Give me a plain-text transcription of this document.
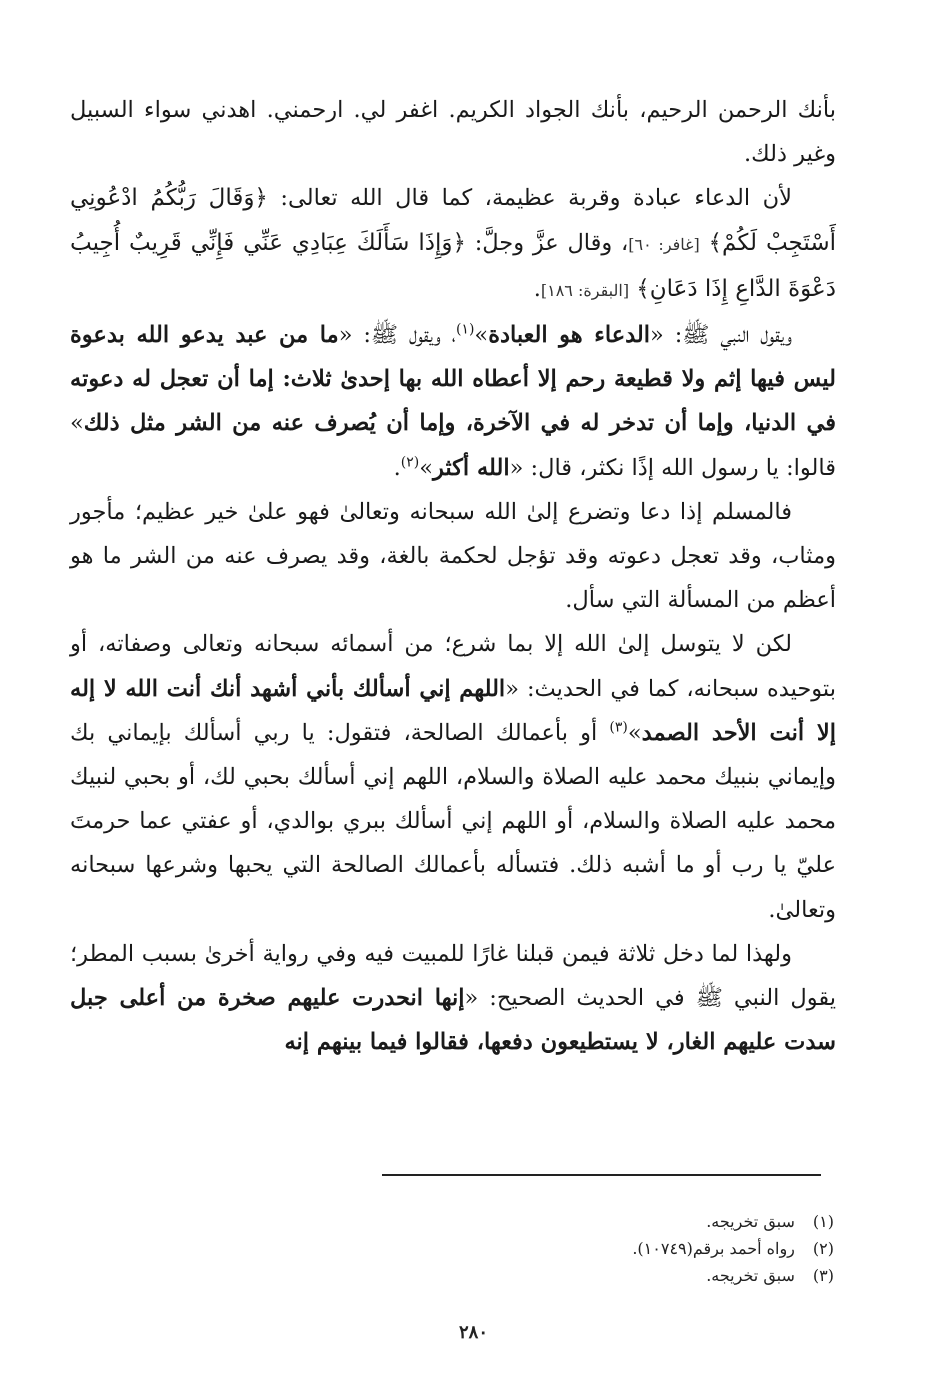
بأنك الرحمن الرحيم، بأنك الجواد الكريم. اغفر لي. ارحمني. اهدني سواء السبيل وغير ذلك.

لأن الدعاء عبادة وقربة عظيمة، كما قال الله تعالى: ﴿وَقَالَ رَبُّكُمُ ادْعُونِي أَسْتَجِبْ لَكُمْ﴾ [غافر: ٦٠]، وقال عزَّ وجلَّ: ﴿وَإِذَا سَأَلَكَ عِبَادِي عَنِّي فَإِنِّي قَرِيبٌ أُجِيبُ دَعْوَةَ الدَّاعِ إِذَا دَعَانِ﴾ [البقرة: ١٨٦].

ويقول النبي ﷺ: «الدعاء هو العبادة»$^{(١)}$، ويقول ﷺ: «ما من عبد يدعو الله بدعوة ليس فيها إثم ولا قطيعة رحم إلا أعطاه الله بها إحدىٰ ثلاث: إما أن تعجل له دعوته في الدنيا، وإما أن تدخر له في الآخرة، وإما أن يُصرف عنه من الشر مثل ذلك» قالوا: يا رسول الله إذًا نكثر، قال: «الله أكثر»$^{(٢)}$.

فالمسلم إذا دعا وتضرع إلىٰ الله سبحانه وتعالىٰ فهو علىٰ خير عظيم؛ مأجور ومثاب، وقد تعجل دعوته وقد تؤجل لحكمة بالغة، وقد يصرف عنه من الشر ما هو أعظم من المسألة التي سأل.

لكن لا يتوسل إلىٰ الله إلا بما شرع؛ من أسمائه سبحانه وتعالى وصفاته، أو بتوحيده سبحانه، كما في الحديث: «اللهم إني أسألك بأني أشهد أنك أنت الله لا إله إلا أنت الأحد الصمد»$^{(٣)}$ أو بأعمالك الصالحة، فتقول: يا ربي أسألك بإيماني بك وإيماني بنبيك محمد عليه الصلاة والسلام، اللهم إني أسألك بحبي لك، أو بحبي لنبيك محمد عليه الصلاة والسلام، أو اللهم إني أسألك ببري بوالدي، أو عفتي عما حرمتَ عليّ يا رب أو ما أشبه ذلك. فتسأله بأعمالك الصالحة التي يحبها وشرعها سبحانه وتعالىٰ.

ولهذا لما دخل ثلاثة فيمن قبلنا غارًا للمبيت فيه وفي رواية أخرىٰ بسبب المطر؛ يقول النبي ﷺ في الحديث الصحيح: «إنها انحدرت عليهم صخرة من أعلى جبل سدت عليهم الغار، لا يستطيعون دفعها، فقالوا فيما بينهم إنه

(١) سبق تخريجه.
(٢) رواه أحمد برقم(١٠٧٤٩).
(٣) سبق تخريجه.
٢٨٠
